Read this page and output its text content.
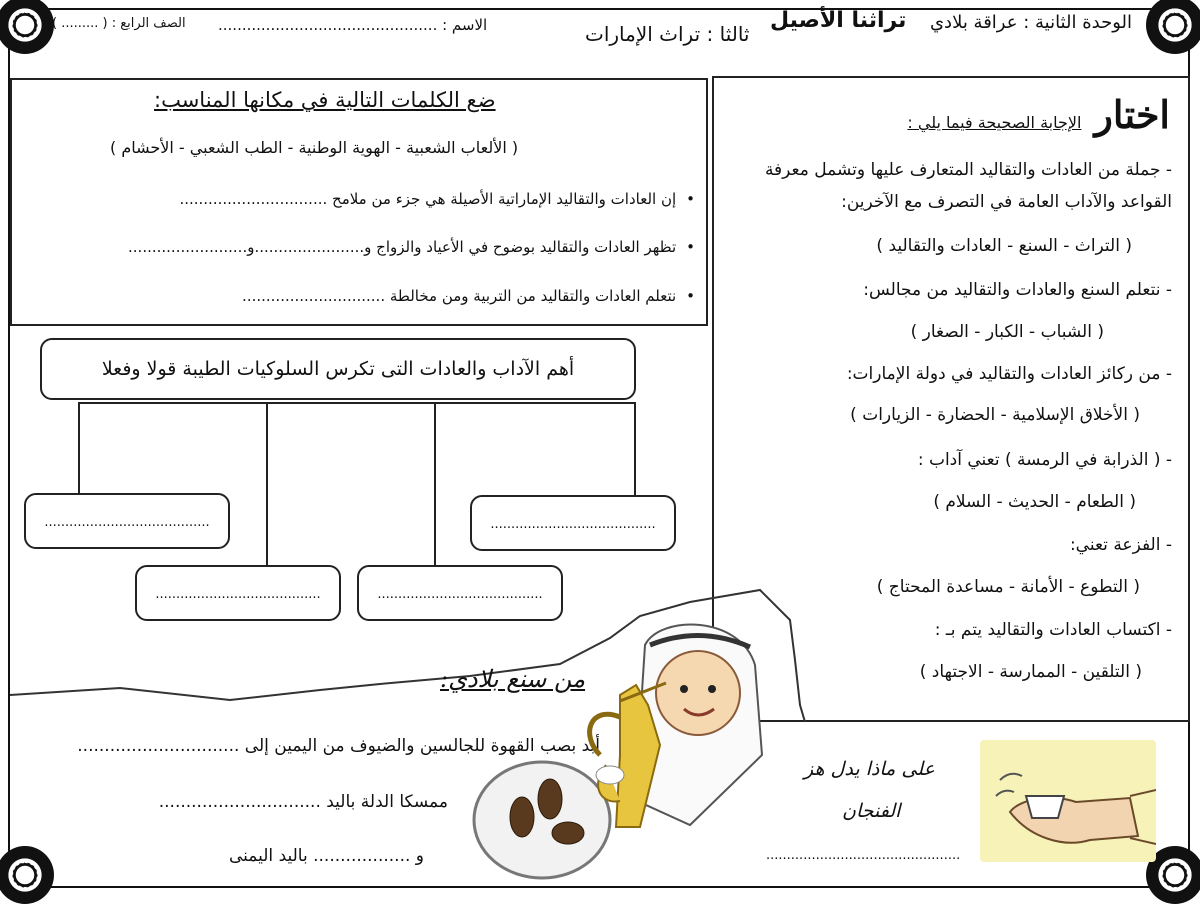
الوحدة الثانية : عراقة بلادي
تراثنا الأصيل
ثالثا : تراث الإمارات
الاسم : ..............................................
الصف الرابع : ( ......... )
اختار الإجابة الصحيحة فيما يلي :
- جملة من العادات والتقاليد المتعارف عليها وتشمل معرفة
القواعد والآداب العامة في التصرف مع الآخرين:
( التراث - السنع - العادات والتقاليد )
- نتعلم السنع والعادات والتقاليد من مجالس:
( الشباب - الكبار - الصغار )
- من ركائز العادات والتقاليد في دولة الإمارات:
( الأخلاق الإسلامية - الحضارة - الزيارات )
- ( الذرابة في الرمسة ) تعني آداب :
( الطعام - الحديث - السلام )
- الفزعة تعني:
( التطوع - الأمانة - مساعدة المحتاج )
- اكتساب العادات والتقاليد يتم بـ :
( التلقين - الممارسة - الاجتهاد )
ضع الكلمات التالية في مكانها المناسب:
( الألعاب الشعبية - الهوية الوطنية - الطب الشعبي - الأحشام )
• إن العادات والتقاليد الإماراتية الأصيلة هي جزء من ملامح ...............................
• تظهر العادات والتقاليد بوضوح في الأعياد والزواج و.......................و.........................
• نتعلم العادات والتقاليد من التربية ومن مخالطة ..............................
أهم الآداب والعادات التى تكرس السلوكيات الطيبة قولا وفعلا
........................................	........................................
........................................	........................................
من سنع بلادي:
أبد بصب القهوة للجالسين والضيوف من اليمين إلى ..............................
ممسكا الدلة باليد ..............................
و .................. باليد اليمنى
على ماذا يدل هز
الفنجان
...............................................
